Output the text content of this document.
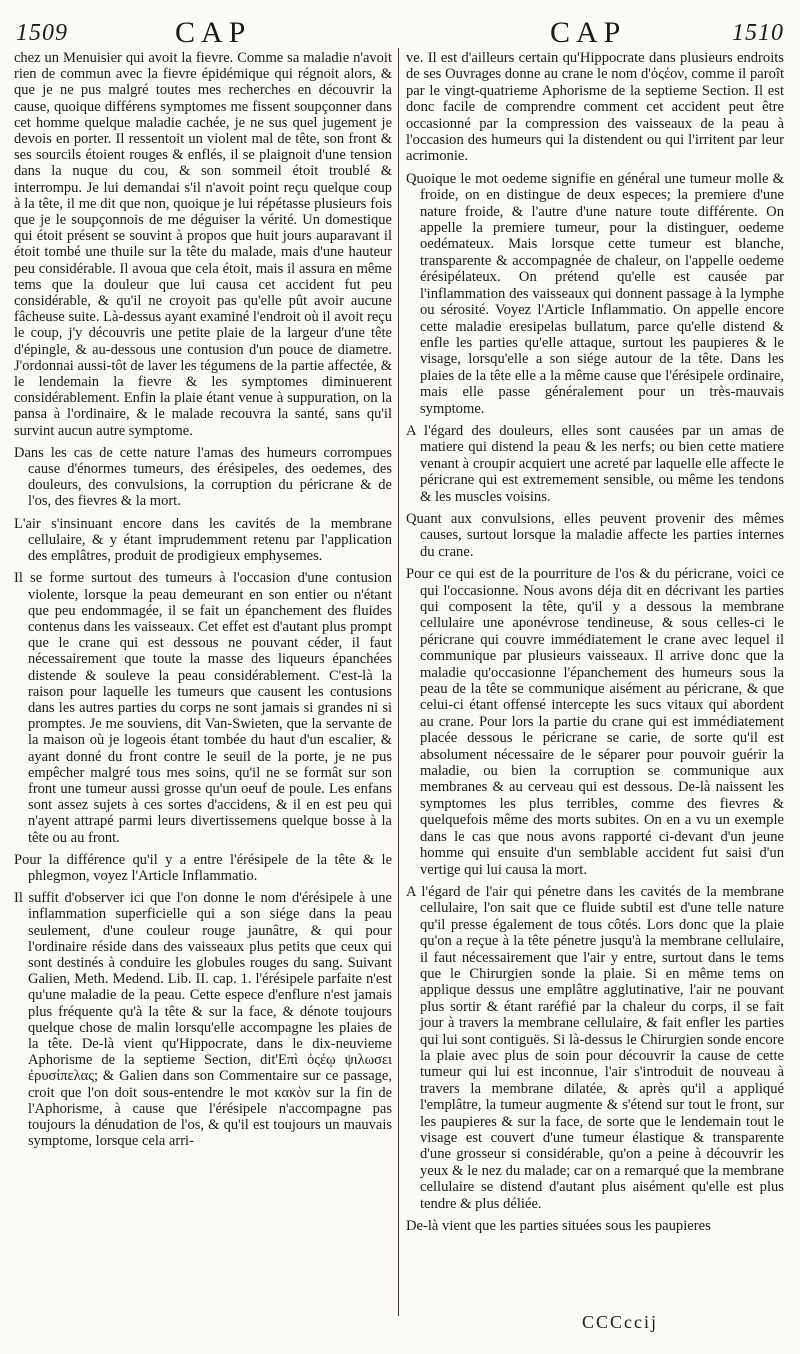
1509	CAP	CAP	1510

chez un Menuisier qui avoit la fievre. Comme sa maladie n'avoit rien de commun avec la fievre épidémique qui régnoit alors, & que je ne pus malgré toutes mes recherches en découvrir la cause, quoique différens symptomes me fissent soupçonner dans cet homme quelque maladie cachée, je ne sus quel jugement je devois en porter. Il ressentoit un violent mal de tête, son front & ses sourcils étoient rouges & enflés, il se plaignoit d'une tension dans la nuque du cou, & son sommeil étoit troublé & interrompu. Je lui demandai s'il n'avoit point reçu quelque coup à la tête, il me dit que non, quoique je lui répétasse plusieurs fois que je le soupçonnois de me déguiser la vérité. Un domestique qui étoit présent se souvint à propos que huit jours auparavant il étoit tombé une thuile sur la tête du malade, mais d'une hauteur peu considérable. Il avoua que cela étoit, mais il assura en même tems que la douleur que lui causa cet accident fut peu considérable, & qu'il ne croyoit pas qu'elle pût avoir aucune fâcheuse suite. Là-dessus ayant examiné l'endroit où il avoit reçu le coup, j'y découvris une petite plaie de la largeur d'une tête d'épingle, & au-dessous une contusion d'un pouce de diametre. J'ordonnai aussi-tôt de laver les tégumens de la partie affectée, & le lendemain la fievre & les symptomes diminuerent considérablement. Enfin la plaie étant venue à suppuration, on la pansa à l'ordinaire, & le malade recouvra la santé, sans qu'il survint aucun autre symptome.

Dans les cas de cette nature l'amas des humeurs corrompues cause d'énormes tumeurs, des érésipeles, des oedemes, des douleurs, des convulsions, la corruption du péricrane & de l'os, des fievres & la mort.

L'air s'insinuant encore dans les cavités de la membrane cellulaire, & y étant imprudemment retenu par l'application des emplâtres, produit de prodigieux emphysemes.

Il se forme surtout des tumeurs à l'occasion d'une contusion violente, lorsque la peau demeurant en son entier ou n'étant que peu endommagée, il se fait un épanchement des fluides contenus dans les vaisseaux. Cet effet est d'autant plus prompt que le crane qui est dessous ne pouvant céder, il faut nécessairement que toute la masse des liqueurs épanchées distende & souleve la peau considérablement. C'est-là la raison pour laquelle les tumeurs que causent les contusions dans les autres parties du corps ne sont jamais si grandes ni si promptes. Je me souviens, dit Van-Swieten, que la servante de la maison où je logeois étant tombée du haut d'un escalier, & ayant donné du front contre le seuil de la porte, je ne pus empêcher malgré tous mes soins, qu'il ne se formât sur son front une tumeur aussi grosse qu'un oeuf de poule. Les enfans sont assez sujets à ces sortes d'accidens, & il en est peu qui n'ayent attrapé parmi leurs divertissemens quelque bosse à la tête ou au front.

Pour la différence qu'il y a entre l'érésipele de la tête & le phlegmon, voyez l'Article Inflammatio.

Il suffit d'observer ici que l'on donne le nom d'érésipele à une inflammation superficielle qui a son siége dans la peau seulement, d'une couleur rouge jaunâtre, & qui pour l'ordinaire réside dans des vaisseaux plus petits que ceux qui sont destinés à conduire les globules rouges du sang. Suivant Galien, Meth. Medend. Lib. II. cap. 1. l'érésipele parfaite n'est qu'une maladie de la peau. Cette espece d'enflure n'est jamais plus fréquente qu'à la tête & sur la face, & dénote toujours quelque chose de malin lorsqu'elle accompagne les plaies de la tête. De-là vient qu'Hippocrate, dans le dix-neuvieme Aphorisme de la septieme Section, dit'Επὶ ὀςέῳ ψιλωσει ἐρυσίπελας; & Galien dans son Commentaire sur ce passage, croit que l'on doit sous-entendre le mot κακὸν sur la fin de l'Aphorisme, à cause que l'érésipele n'accompagne pas toujours la dénudation de l'os, & qu'il est toujours un mauvais symptome, lorsque cela arri-

ve. Il est d'ailleurs certain qu'Hippocrate dans plusieurs endroits de ses Ouvrages donne au crane le nom d'ὀςέον, comme il paroît par le vingt-quatrieme Aphorisme de la septieme Section. Il est donc facile de comprendre comment cet accident peut être occasionné par la compression des vaisseaux de la peau à l'occasion des humeurs qui la distendent ou qui l'irritent par leur acrimonie.

Quoique le mot oedeme signifie en général une tumeur molle & froide, on en distingue de deux especes; la premiere d'une nature froide, & l'autre d'une nature toute différente. On appelle la premiere tumeur, pour la distinguer, oedeme oedémateux. Mais lorsque cette tumeur est blanche, transparente & accompagnée de chaleur, on l'appelle oedeme érésipélateux. On prétend qu'elle est causée par l'inflammation des vaisseaux qui donnent passage à la lymphe ou sérosité. Voyez l'Article Inflammatio. On appelle encore cette maladie eresipelas bullatum, parce qu'elle distend & enfle les parties qu'elle attaque, surtout les paupieres & le visage, lorsqu'elle a son siége autour de la tête. Dans les plaies de la tête elle a la même cause que l'érésipele ordinaire, mais elle passe généralement pour un très-mauvais symptome.

A l'égard des douleurs, elles sont causées par un amas de matiere qui distend la peau & les nerfs; ou bien cette matiere venant à croupir acquiert une acreté par laquelle elle affecte le péricrane qui est extremement sensible, ou même les tendons & les muscles voisins.

Quant aux convulsions, elles peuvent provenir des mêmes causes, surtout lorsque la maladie affecte les parties internes du crane.

Pour ce qui est de la pourriture de l'os & du péricrane, voici ce qui l'occasionne. Nous avons déja dit en décrivant les parties qui composent la tête, qu'il y a dessous la membrane cellulaire une aponévrose tendineuse, & sous celles-ci le péricrane qui couvre immédiatement le crane avec lequel il communique par plusieurs vaisseaux. Il arrive donc que la maladie qu'occasionne l'épanchement des humeurs sous la peau de la tête se communique aisément au péricrane, & que celui-ci étant offensé intercepte les sucs vitaux qui abordent au crane. Pour lors la partie du crane qui est immédiatement placée dessous le péricrane se carie, de sorte qu'il est absolument nécessaire de le séparer pour pouvoir guérir la maladie, ou bien la corruption se communique aux membranes & au cerveau qui est dessous. De-là naissent les symptomes les plus terribles, comme des fievres & quelquefois même des morts subites. On en a vu un exemple dans le cas que nous avons rapporté ci-devant d'un jeune homme qui ensuite d'un semblable accident fut saisi d'un vertige qui lui causa la mort.

A l'égard de l'air qui pénetre dans les cavités de la membrane cellulaire, l'on sait que ce fluide subtil est d'une telle nature qu'il presse également de tous côtés. Lors donc que la plaie qu'on a reçue à la tête pénetre jusqu'à la membrane cellulaire, il faut nécessairement que l'air y entre, surtout dans le tems que le Chirurgien sonde la plaie. Si en même tems on applique dessus une emplâtre agglutinative, l'air ne pouvant plus sortir & étant raréfié par la chaleur du corps, il se fait jour à travers la membrane cellulaire, & fait enfler les parties qui lui sont contiguës. Si là-dessus le Chirurgien sonde encore la plaie avec plus de soin pour découvrir la cause de cette tumeur qui lui est inconnue, l'air s'introduit de nouveau à travers la membrane dilatée, & après qu'il a appliqué l'emplâtre, la tumeur augmente & s'étend sur tout le front, sur les paupieres & sur la face, de sorte que le lendemain tout le visage est couvert d'une tumeur élastique & transparente d'une grosseur si considérable, qu'on a peine à découvrir les yeux & le nez du malade; car on a remarqué que la membrane cellulaire se distend d'autant plus aisément qu'elle est plus tendre & plus déliée.

De-là vient que les parties situées sous les paupieres

CCCccij
